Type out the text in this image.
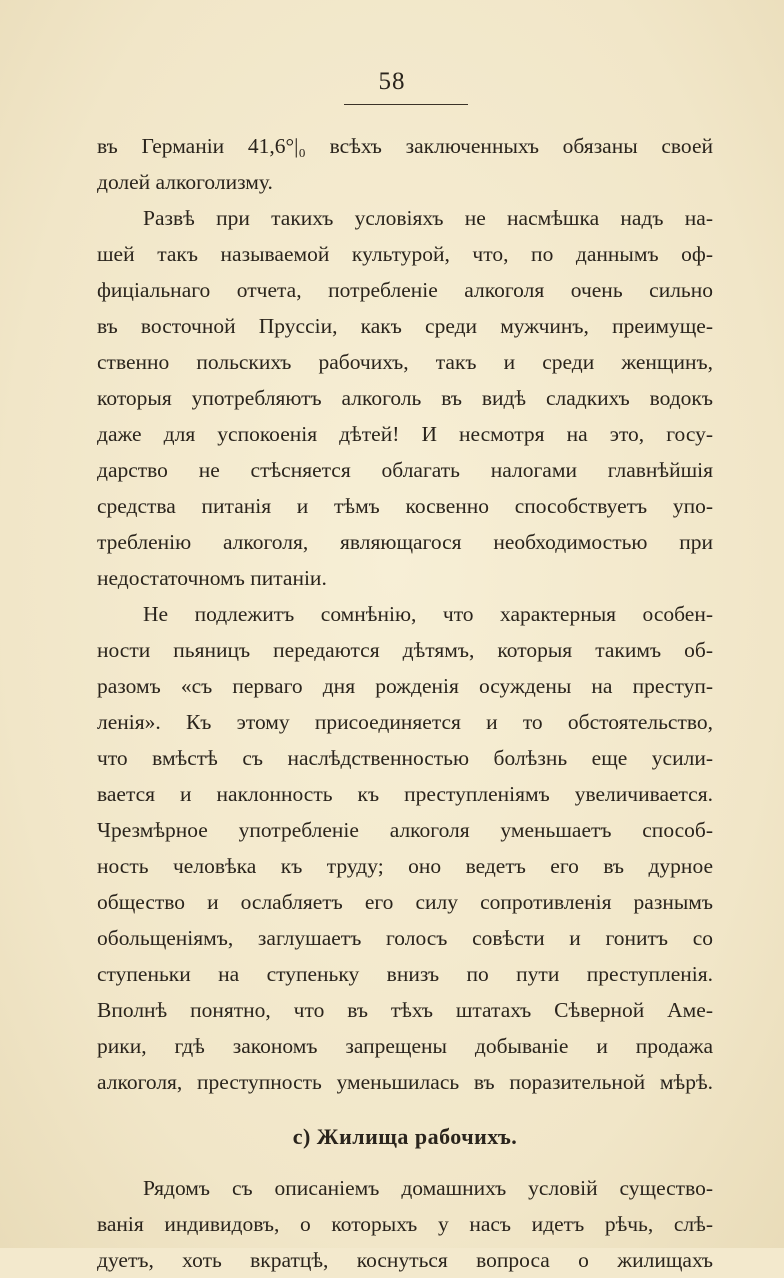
58
въ Германiи 41,6°|₀ всѣхъ заключенныхъ обязаны своей
долей алкоголизму.
Развѣ при такихъ условiяхъ не насмѣшка надъ на-
шей такъ называемой культурой, что, по даннымъ оф-
фицiальнаго отчета, потребленiе алкоголя очень сильно
въ восточной Пруссiи, какъ среди мужчинъ, преимуще-
ственно польскихъ рабочихъ, такъ и среди женщинъ,
которыя употребляютъ алкоголь въ видѣ сладкихъ водокъ
даже для успокоенiя дѣтей! И несмотря на это, госу-
дарство не стѣсняется облагать налогами главнѣйшiя
средства питанiя и тѣмъ косвенно способствуетъ упо-
требленiю алкоголя, являющагося необходимостью при
недостаточномъ питанiи.
Не подлежитъ сомнѣнiю, что характерныя особен-
ности пьяницъ передаются дѣтямъ, которыя такимъ об-
разомъ «съ перваго дня рожденiя осуждены на преступ-
ленiя». Къ этому присоединяется и то обстоятельство,
что вмѣстѣ съ наслѣдственностью болѣзнь еще усили-
вается и наклонность къ преступленiямъ увеличивается.
Чрезмѣрное употребленiе алкоголя уменьшаетъ способ-
ность человѣка къ труду; оно ведетъ его въ дурное
общество и ослабляетъ его силу сопротивленiя разнымъ
обольщенiямъ, заглушаетъ голосъ совѣсти и гонитъ со
ступеньки на ступеньку внизъ по пути преступленiя.
Вполнѣ понятно, что въ тѣхъ штатахъ Сѣверной Аме-
рики, гдѣ закономъ запрещены добыванiе и продажа
алкоголя, преступность уменьшилась въ поразительной мѣрѣ.
c) Жилища рабочихъ.
Рядомъ съ описанiемъ домашнихъ условiй существо-
ванiя индивидовъ, о которыхъ у насъ идетъ рѣчь, слѣ-
дуетъ, хоть вкратцѣ, коснуться вопроса о жилищахъ
